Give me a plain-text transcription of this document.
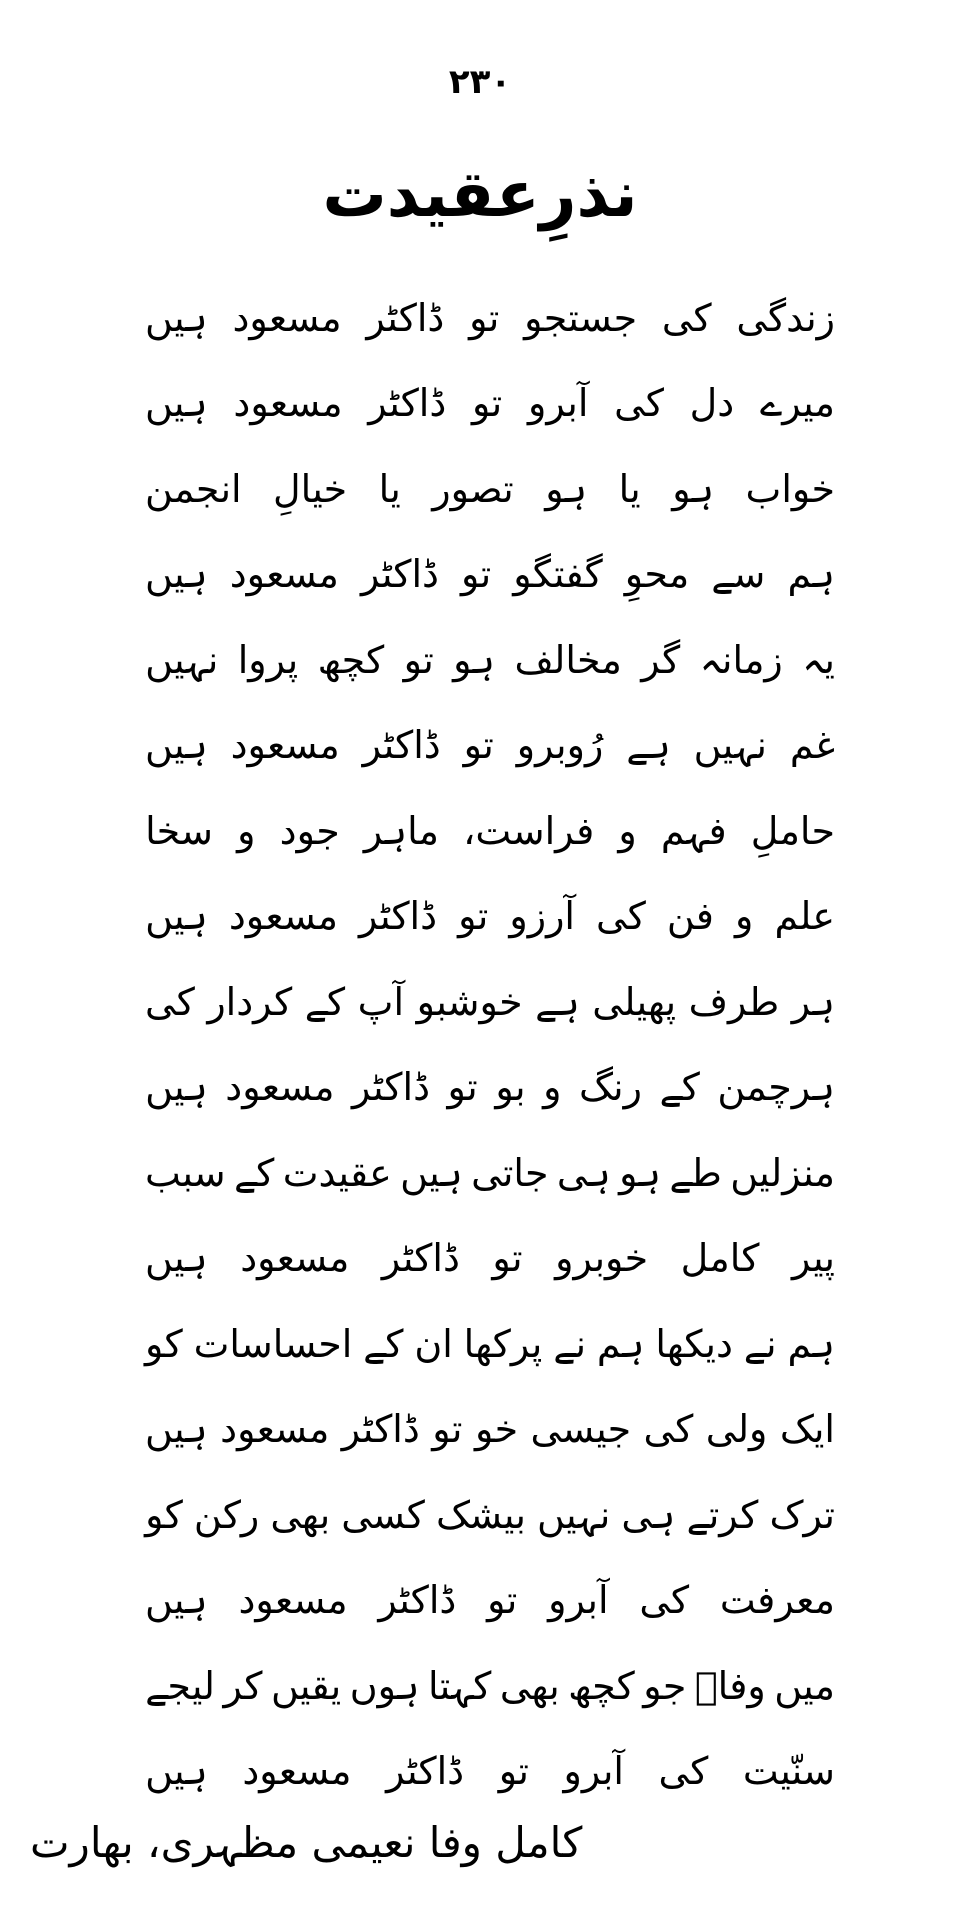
۲۳۰
نذرِعقیدت
زندگی
کی
جستجو
تو
ڈاکٹر
مسعود
ہیں
میرے
دل
کی
آبرو
تو
ڈاکٹر
مسعود
ہیں
خواب
ہو
یا
ہو
تصور
یا
خیالِ
انجمن
ہم
سے
محوِ
گفتگو
تو
ڈاکٹر
مسعود
ہیں
یہ
زمانہ
گر
مخالف
ہو
تو
کچھ
پروا
نہیں
غم
نہیں
ہے
رُوبرو
تو
ڈاکٹر
مسعود
ہیں
حاملِ
فہم
و
فراست،
ماہر
جود
و
سخا
علم
و
فن
کی
آرزو
تو
ڈاکٹر
مسعود
ہیں
ہر
طرف
پھیلی
ہے
خوشبو
آپ
کے
کردار
کی
ہرچمن
کے
رنگ
و
بو
تو
ڈاکٹر
مسعود
ہیں
منزلیں
طے
ہو
ہی
جاتی
ہیں
عقیدت
کے
سبب
پیر
کامل
خوبرو
تو
ڈاکٹر
مسعود
ہیں
ہم
نے
دیکھا
ہم
نے
پرکھا
ان
کے
احساسات
کو
ایک
ولی
کی
جیسی
خو
تو
ڈاکٹر
مسعود
ہیں
ترک
کرتے
ہی
نہیں
بیشک
کسی
بھی
رکن
کو
معرفت
کی
آبرو
تو
ڈاکٹر
مسعود
ہیں
میں
وفاؔ
جو
کچھ
بھی
کہتا
ہوں
یقیں
کر
لیجے
سنّیت
کی
آبرو
تو
ڈاکٹر
مسعود
ہیں
کامل وفا نعیمی مظہری، بھارت
